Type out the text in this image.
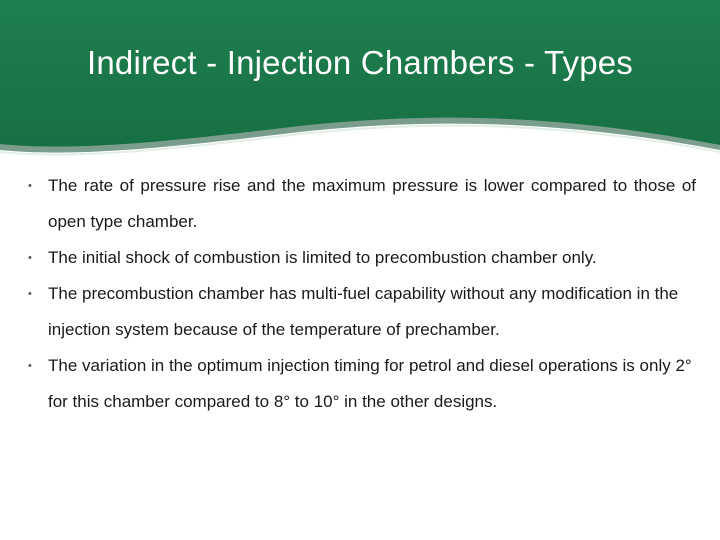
Indirect - Injection Chambers - Types
• The rate of pressure rise and the maximum pressure is lower compared to those of open type chamber.
• The initial shock of combustion is limited to precombustion chamber only.
• The precombustion chamber has multi-fuel capability without any modification in the injection system because of the temperature of prechamber.
• The variation in the optimum injection timing for petrol and diesel operations is only 2° for this chamber compared to 8° to 10° in the other designs.
